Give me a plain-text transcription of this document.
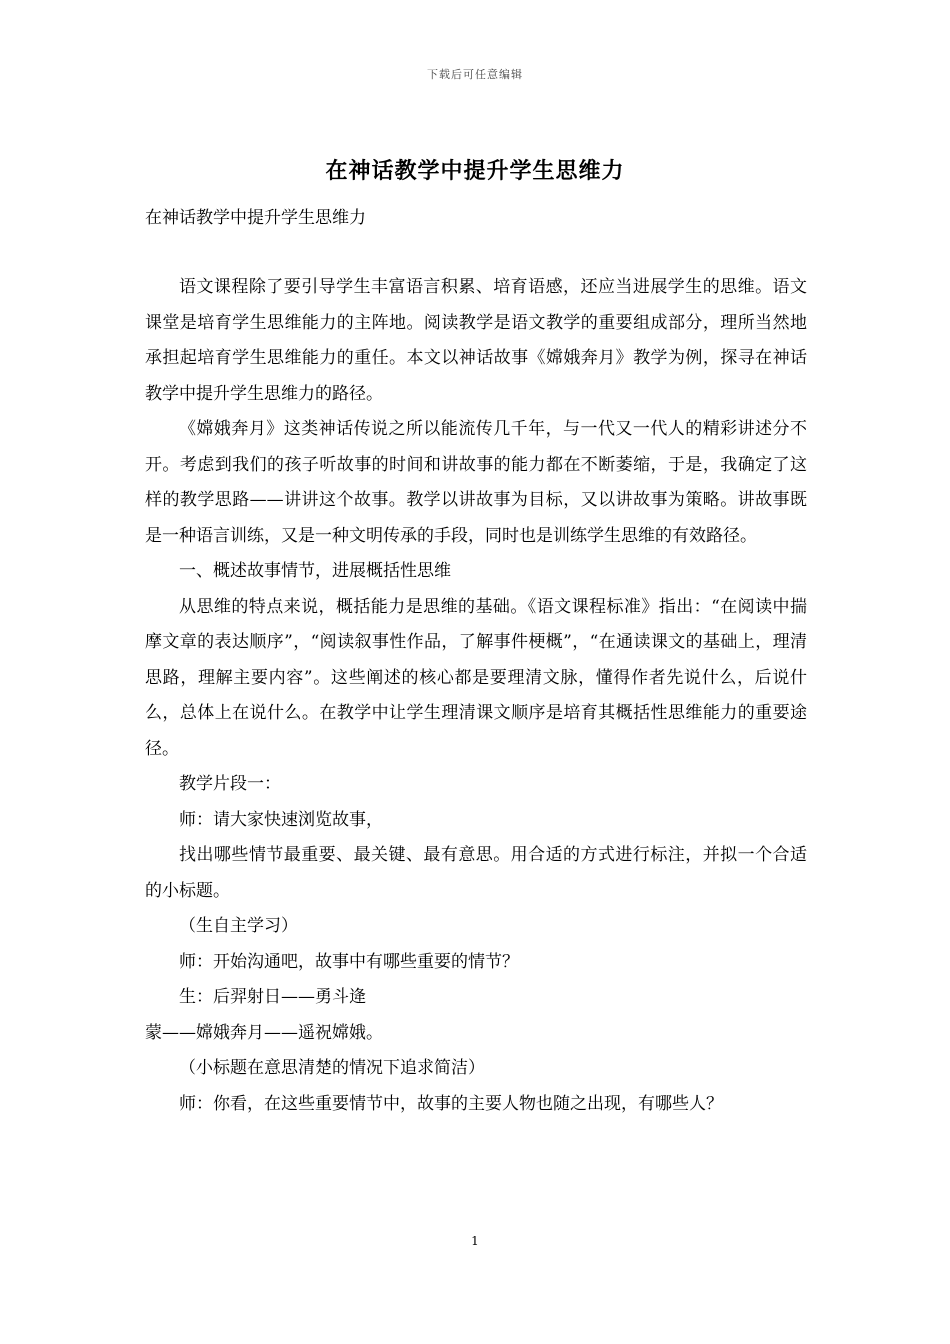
下载后可任意编辑
在神话教学中提升学生思维力
在神话教学中提升学生思维力

语文课程除了要引导学生丰富语言积累、培育语感，还应当进展学生的思维。语文课堂是培育学生思维能力的主阵地。阅读教学是语文教学的重要组成部分，理所当然地承担起培育学生思维能力的重任。本文以神话故事《嫦娥奔月》教学为例，探寻在神话教学中提升学生思维力的路径。

《嫦娥奔月》这类神话传说之所以能流传几千年，与一代又一代人的精彩讲述分不开。考虑到我们的孩子听故事的时间和讲故事的能力都在不断萎缩，于是，我确定了这样的教学思路——讲讲这个故事。教学以讲故事为目标，又以讲故事为策略。讲故事既是一种语言训练，又是一种文明传承的手段，同时也是训练学生思维的有效路径。

一、概述故事情节，进展概括性思维

从思维的特点来说，概括能力是思维的基础。《语文课程标准》指出：“在阅读中揣摩文章的表达顺序”，“阅读叙事性作品，了解事件梗概”，“在通读课文的基础上，理清思路，理解主要内容”。这些阐述的核心都是要理清文脉，懂得作者先说什么，后说什么，总体上在说什么。在教学中让学生理清课文顺序是培育其概括性思维能力的重要途径。

教学片段一：

师：请大家快速浏览故事，

找出哪些情节最重要、最关键、最有意思。用合适的方式进行标注，并拟一个合适的小标题。

（生自主学习）

师：开始沟通吧，故事中有哪些重要的情节？

生：后羿射日——勇斗逄

蒙——嫦娥奔月——遥祝嫦娥。

（小标题在意思清楚的情况下追求简洁）

师：你看，在这些重要情节中，故事的主要人物也随之出现，有哪些人？

1
